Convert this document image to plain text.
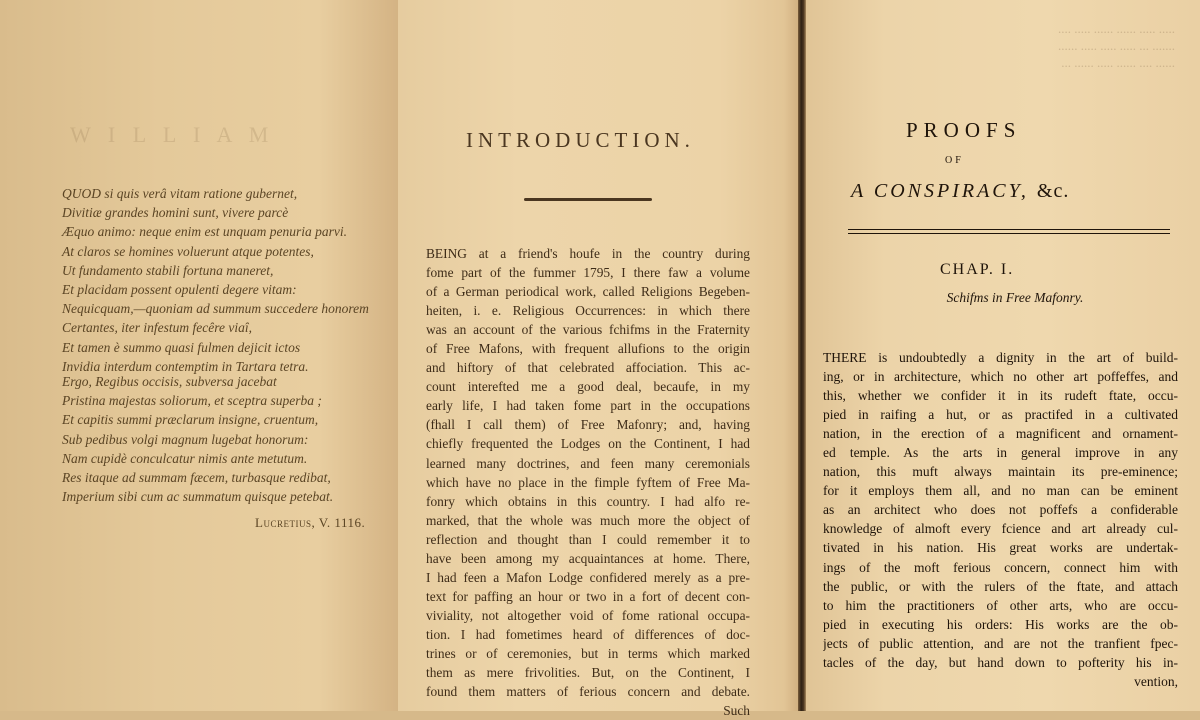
W I L L I A M
..... ..... ...... ...... ..... ....
....... ... ..... ..... ..... ......
...... .... ...... ..... ...... ...
QUOD si quis verâ vitam ratione gubernet,
Divitiæ grandes homini sunt, vivere parcè
Æquo animo: neque enim est unquam penuria parvi.
At claros se homines voluerunt atque potentes,
Ut fundamento stabili fortuna maneret,
Et placidam possent opulenti degere vitam:
Nequicquam,—quoniam ad summum succedere honorem
Certantes, iter infestum fecêre viaî,
Et tamen è summo quasi fulmen dejicit ictos
Invidia interdum contemptim in Tartara tetra.
Ergo, Regibus occisis, subversa jacebat
Pristina majestas soliorum, et sceptra superba ;
Et capitis summi præclarum insigne, cruentum,
Sub pedibus volgi magnum lugebat honorum:
Nam cupidè conculcatur nimis ante metutum.
Res itaque ad summam fæcem, turbasque redibat,
Imperium sibi cum ac summatum quisque petebat.
Lucretius, V. 1116.
INTRODUCTION.
BEING at a friend's houfe in the country during
fome part of the fummer 1795, I there faw a volume
of a German periodical work, called Religions Begeben-
heiten, i. e. Religious Occurrences: in which there
was an account of the various fchifms in the Fraternity
of Free Mafons, with frequent allufions to the origin
and hiftory of that celebrated affociation. This ac-
count interefted me a good deal, becaufe, in my
early life, I had taken fome part in the occupations
(fhall I call them) of Free Mafonry; and, having
chiefly frequented the Lodges on the Continent, I had
learned many doctrines, and feen many ceremonials
which have no place in the fimple fyftem of Free Ma-
fonry which obtains in this country. I had alfo re-
marked, that the whole was much more the object of
reflection and thought than I could remember it to
have been among my acquaintances at home. There,
I had feen a Mafon Lodge confidered merely as a pre-
text for paffing an hour or two in a fort of decent con-
viviality, not altogether void of fome rational occupa-
tion. I had fometimes heard of differences of doc-
trines or of ceremonies, but in terms which marked
them as mere frivolities. But, on the Continent, I
found them matters of ferious concern and debate.
Such
PROOFS
OF
A CONSPIRACY, &c.
CHAP. I.
Schifms in Free Mafonry.
THERE is undoubtedly a dignity in the art of build-
ing, or in architecture, which no other art poffeffes, and
this, whether we confider it in its rudeft ftate, occu-
pied in raifing a hut, or as practifed in a cultivated
nation, in the erection of a magnificent and ornament-
ed temple. As the arts in general improve in any
nation, this muft always maintain its pre-eminence;
for it employs them all, and no man can be eminent
as an architect who does not poffefs a confiderable
knowledge of almoft every fcience and art already cul-
tivated in his nation. His great works are undertak-
ings of the moft ferious concern, connect him with
the public, or with the rulers of the ftate, and attach
to him the practitioners of other arts, who are occu-
pied in executing his orders: His works are the ob-
jects of public attention, and are not the tranfient fpec-
tacles of the day, but hand down to pofterity his in-
vention,
